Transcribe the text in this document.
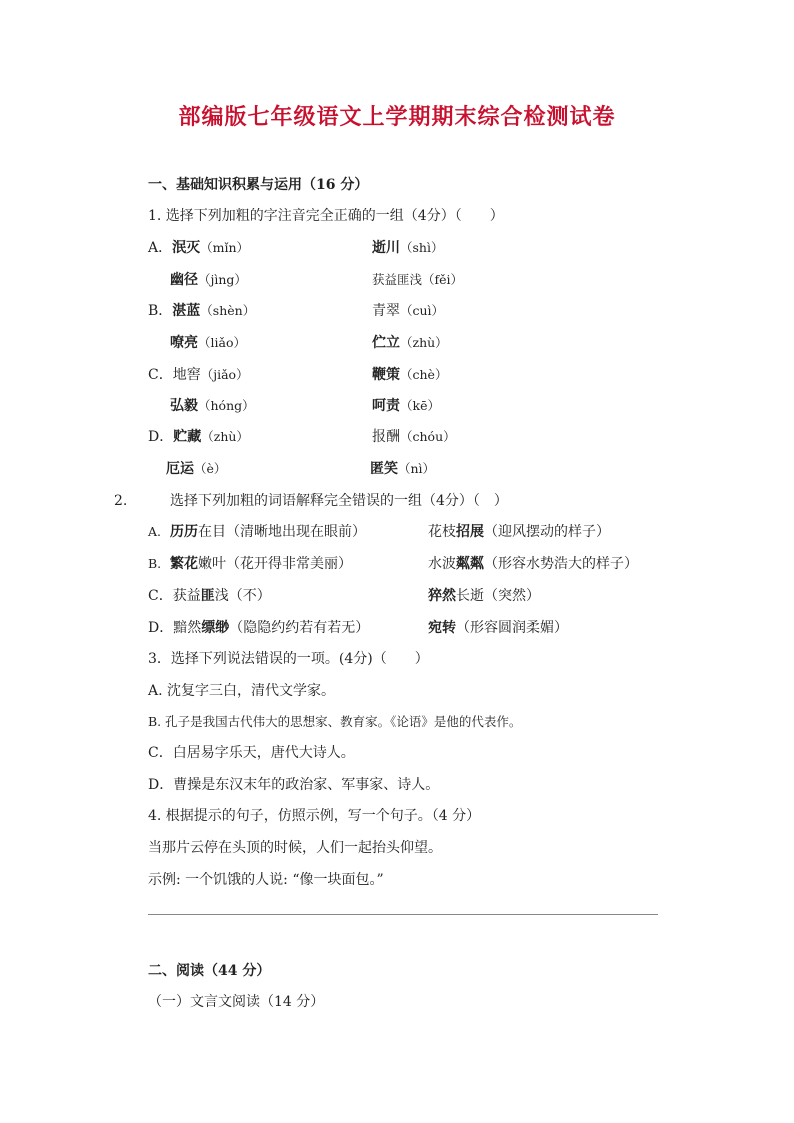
部编版七年级语文上学期期末综合检测试卷
一、基础知识积累与运用（16 分）
1. 选择下列加粗的字注音完全正确的一组（4分）（　　）
A．泯灭（mǐn）	逝川（shì）
幽径（jìng）	获益匪浅（fěi）
B．湛蓝（shèn）	青翠（cuì）
嘹亮（liǎo）	伫立（zhù）
C．地窖（jiǎo）	鞭策（chè）
弘毅（hóng）	呵责（kē）
D．贮藏（zhù）	报酬（chóu）
厄运（è）	匿笑（nì）
2.	选择下列加粗的词语解释完全错误的一组（4分）（　）
A. 历历在目（清晰地出现在眼前）	花枝招展（迎风摆动的样子）
B. 繁花嫩叶（花开得非常美丽）	水波粼粼（形容水势浩大的样子）
C．获益匪浅（不）	猝然长逝（突然）
D．黯然缥缈（隐隐约约若有若无）	宛转（形容圆润柔媚）
3．选择下列说法错误的一项。(4分)（　　）
A. 沈复字三白，清代文学家。
B. 孔子是我国古代伟大的思想家、教育家。《论语》是他的代表作。
C．白居易字乐天，唐代大诗人。
D．曹操是东汉末年的政治家、军事家、诗人。
4. 根据提示的句子，仿照示例，写一个句子。（4 分）
当那片云停在头顶的时候，人们一起抬头仰望。
示例: 一个饥饿的人说: “像一块面包。”
二、阅读（44 分）
（一）文言文阅读（14 分）
